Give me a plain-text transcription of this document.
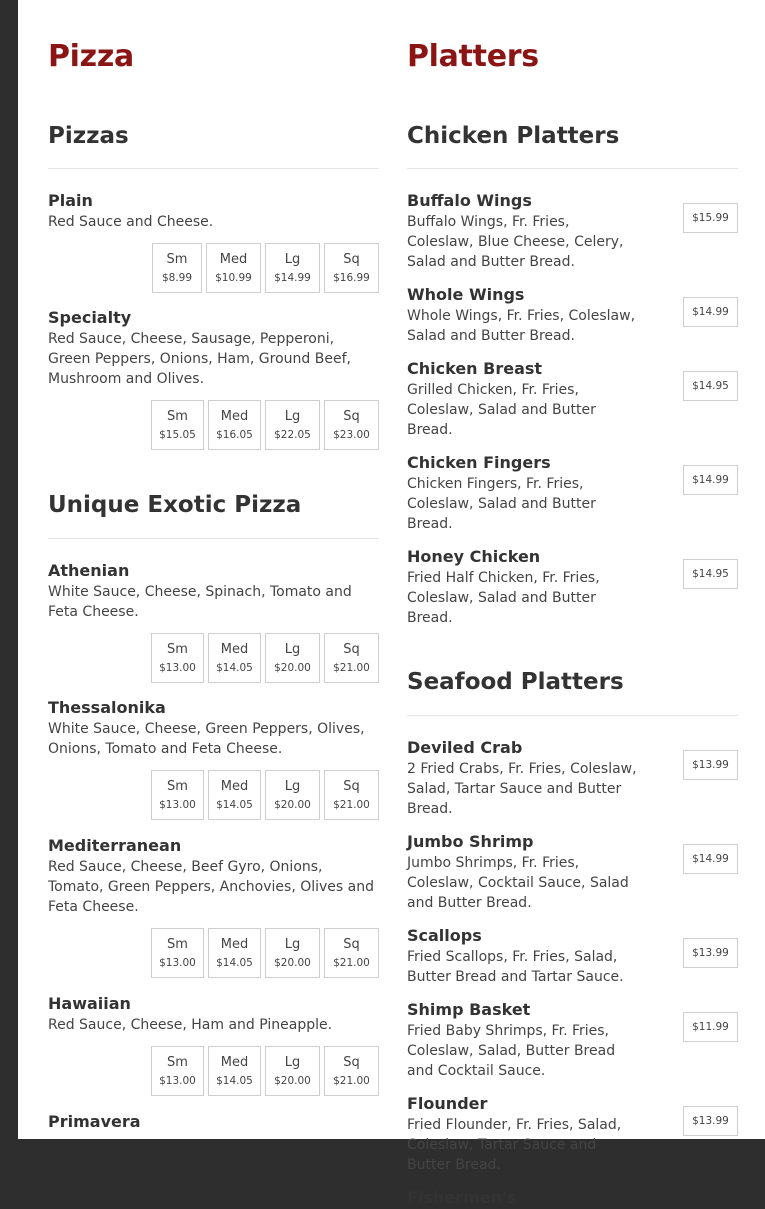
Pizza
Pizzas
Plain
Red Sauce and Cheese.
Sm
$8.99
Med
$10.99
Lg
$14.99
Sq
$16.99
Specialty
Red Sauce, Cheese, Sausage, Pepperoni, Green Peppers, Onions, Ham, Ground Beef, Mushroom and Olives.
Sm
$15.05
Med
$16.05
Lg
$22.05
Sq
$23.00
Unique Exotic Pizza
Athenian
White Sauce, Cheese, Spinach, Tomato and Feta Cheese.
Sm
$13.00
Med
$14.05
Lg
$20.00
Sq
$21.00
Thessalonika
White Sauce, Cheese, Green Peppers, Olives, Onions, Tomato and Feta Cheese.
Sm
$13.00
Med
$14.05
Lg
$20.00
Sq
$21.00
Mediterranean
Red Sauce, Cheese, Beef Gyro, Onions, Tomato, Green Peppers, Anchovies, Olives and Feta Cheese.
Sm
$13.00
Med
$14.05
Lg
$20.00
Sq
$21.00
Hawaiian
Red Sauce, Cheese, Ham and Pineapple.
Sm
$13.00
Med
$14.05
Lg
$20.00
Sq
$21.00
Primavera
Platters
Chicken Platters
Buffalo Wings
Buffalo Wings, Fr. Fries, Coleslaw, Blue Cheese, Celery, Salad and Butter Bread.
$15.99
Whole Wings
Whole Wings, Fr. Fries, Coleslaw, Salad and Butter Bread.
$14.99
Chicken Breast
Grilled Chicken, Fr. Fries, Coleslaw, Salad and Butter Bread.
$14.95
Chicken Fingers
Chicken Fingers, Fr. Fries, Coleslaw, Salad and Butter Bread.
$14.99
Honey Chicken
Fried Half Chicken, Fr. Fries, Coleslaw, Salad and Butter Bread.
$14.95
Seafood Platters
Deviled Crab
2 Fried Crabs, Fr. Fries, Coleslaw, Salad, Tartar Sauce and Butter Bread.
$13.99
Jumbo Shrimp
Jumbo Shrimps, Fr. Fries, Coleslaw, Cocktail Sauce, Salad and Butter Bread.
$14.99
Scallops
Fried Scallops, Fr. Fries, Salad, Butter Bread and Tartar Sauce.
$13.99
Shimp Basket
Fried Baby Shrimps, Fr. Fries, Coleslaw, Salad, Butter Bread and Cocktail Sauce.
$11.99
Flounder
Fried Flounder, Fr. Fries, Salad, Coleslaw, Tartar Sauce and Butter Bread.
$13.99
Fishermen's
